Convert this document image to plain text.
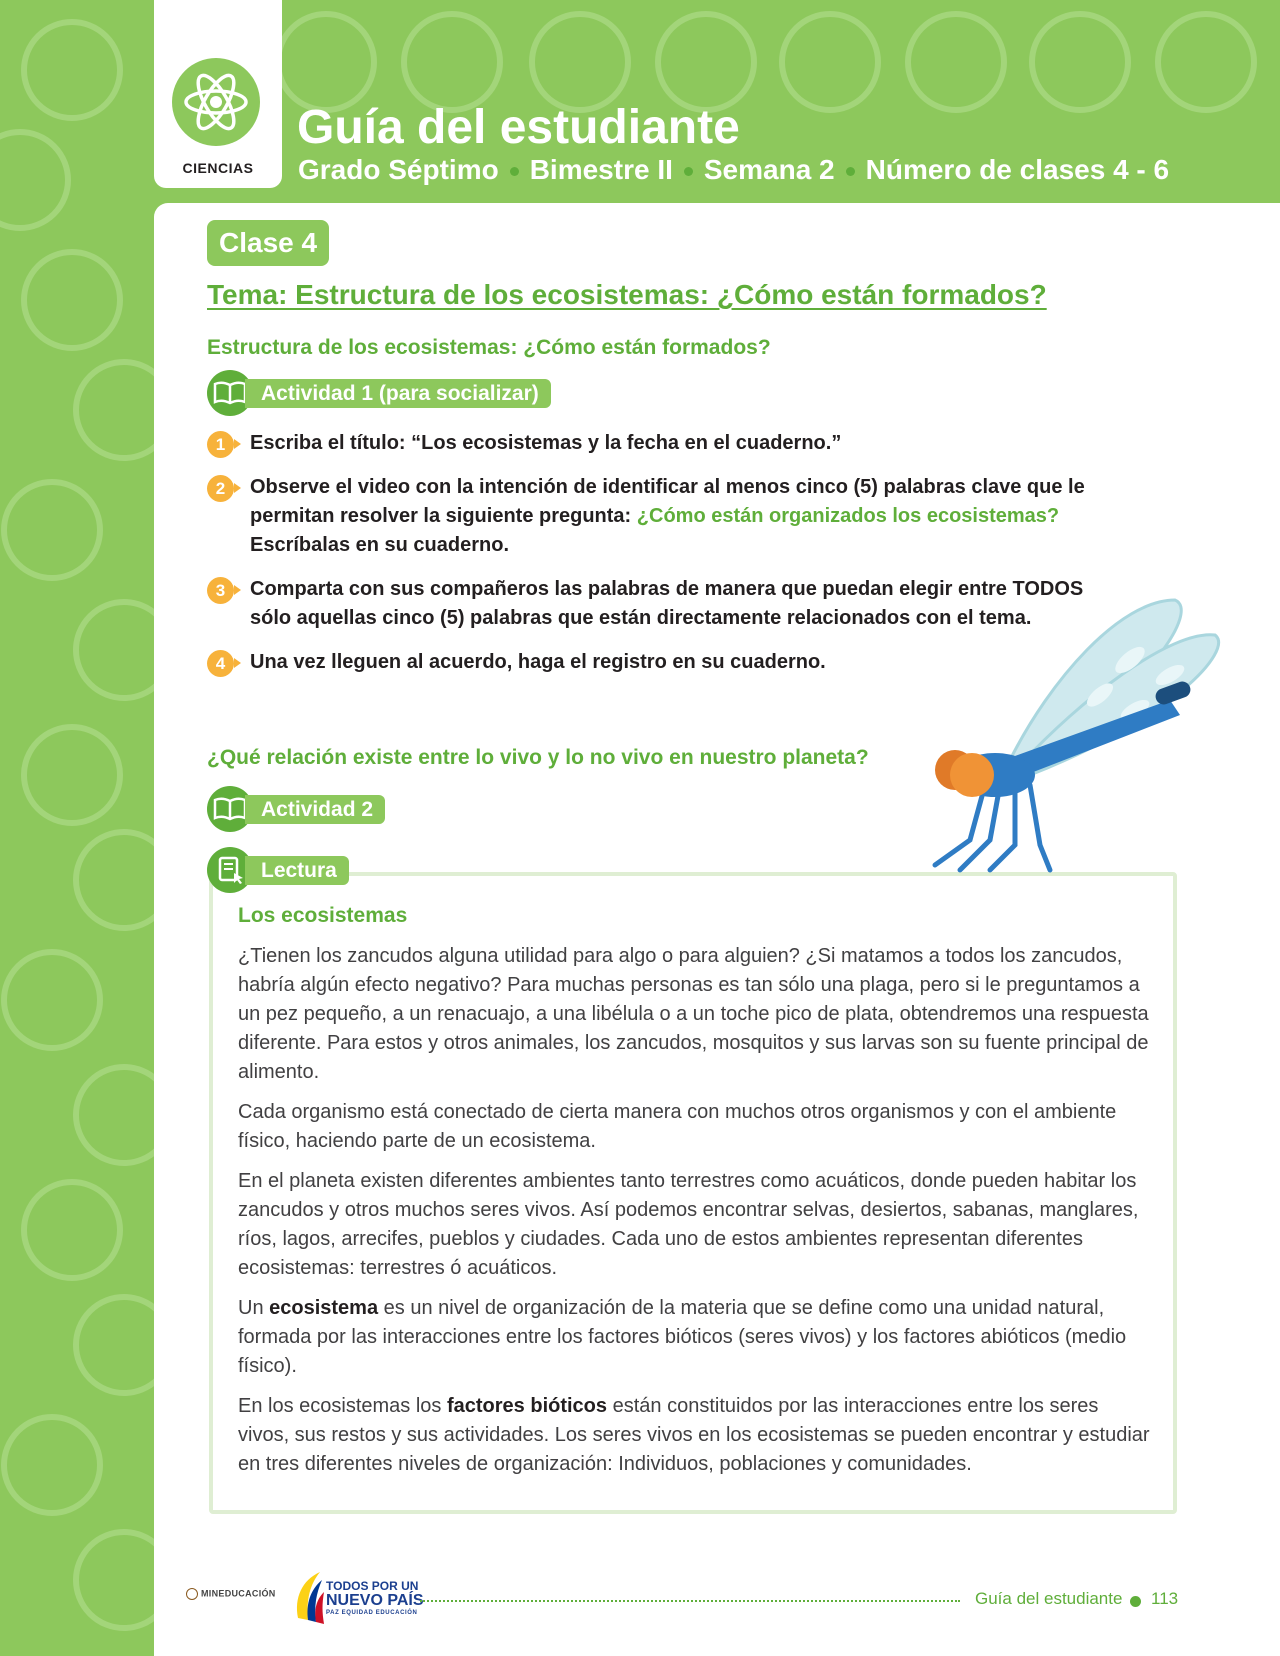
CIENCIAS
Guía del estudiante
Grado Séptimo Bimestre II Semana 2 Número de clases 4 - 6
Clase 4
Tema: Estructura de los ecosistemas: ¿Cómo están formados?
Estructura de los ecosistemas: ¿Cómo están formados?
Actividad 1 (para socializar)
1	Escriba el título: “Los ecosistemas y la fecha en el cuaderno.”
2	Observe el video con la intención de identificar al menos cinco (5) palabras clave que le permitan resolver la siguiente pregunta: ¿Cómo están organizados los ecosistemas? Escríbalas en su cuaderno.
3	Comparta con sus compañeros las palabras de manera que puedan elegir entre TODOS sólo aquellas cinco (5) palabras que están directamente relacionados con el tema.
4	Una vez lleguen al acuerdo, haga el registro en su cuaderno.
¿Qué relación existe entre lo vivo y lo no vivo en nuestro planeta?
Actividad 2
Lectura
Los ecosistemas

¿Tienen los zancudos alguna utilidad para algo o para alguien? ¿Si matamos a todos los zancudos, habría algún efecto negativo? Para muchas personas es tan sólo una plaga, pero si le preguntamos a un pez pequeño, a un renacuajo, a una libélula o a un toche pico de plata, obtendremos una respuesta diferente. Para estos y otros animales, los zancudos, mosquitos y sus larvas son su fuente principal de alimento.

Cada organismo está conectado de cierta manera con muchos otros organismos y con el ambiente físico, haciendo parte de un ecosistema.

En el planeta existen diferentes ambientes tanto terrestres como acuáticos, donde pueden habitar los zancudos y otros muchos seres vivos. Así podemos encontrar selvas, desiertos, sabanas, manglares, ríos, lagos, arrecifes, pueblos y ciudades. Cada uno de estos ambientes representan diferentes ecosistemas: terrestres ó acuáticos.

Un ecosistema es un nivel de organización de la materia que se define como una unidad natural, formada por las interacciones entre los factores bióticos (seres vivos) y los factores abióticos (medio físico).

En los ecosistemas los factores bióticos están constituidos por las interacciones entre los seres vivos, sus restos y sus actividades. Los seres vivos en los ecosistemas se pueden encontrar y estudiar en tres diferentes niveles de organización: Individuos, poblaciones y comunidades.

MINEDUCACIÓN
TODOS POR UN
NUEVO PAÍS
PAZ EQUIDAD EDUCACIÓN
Guía del estudiante 113
